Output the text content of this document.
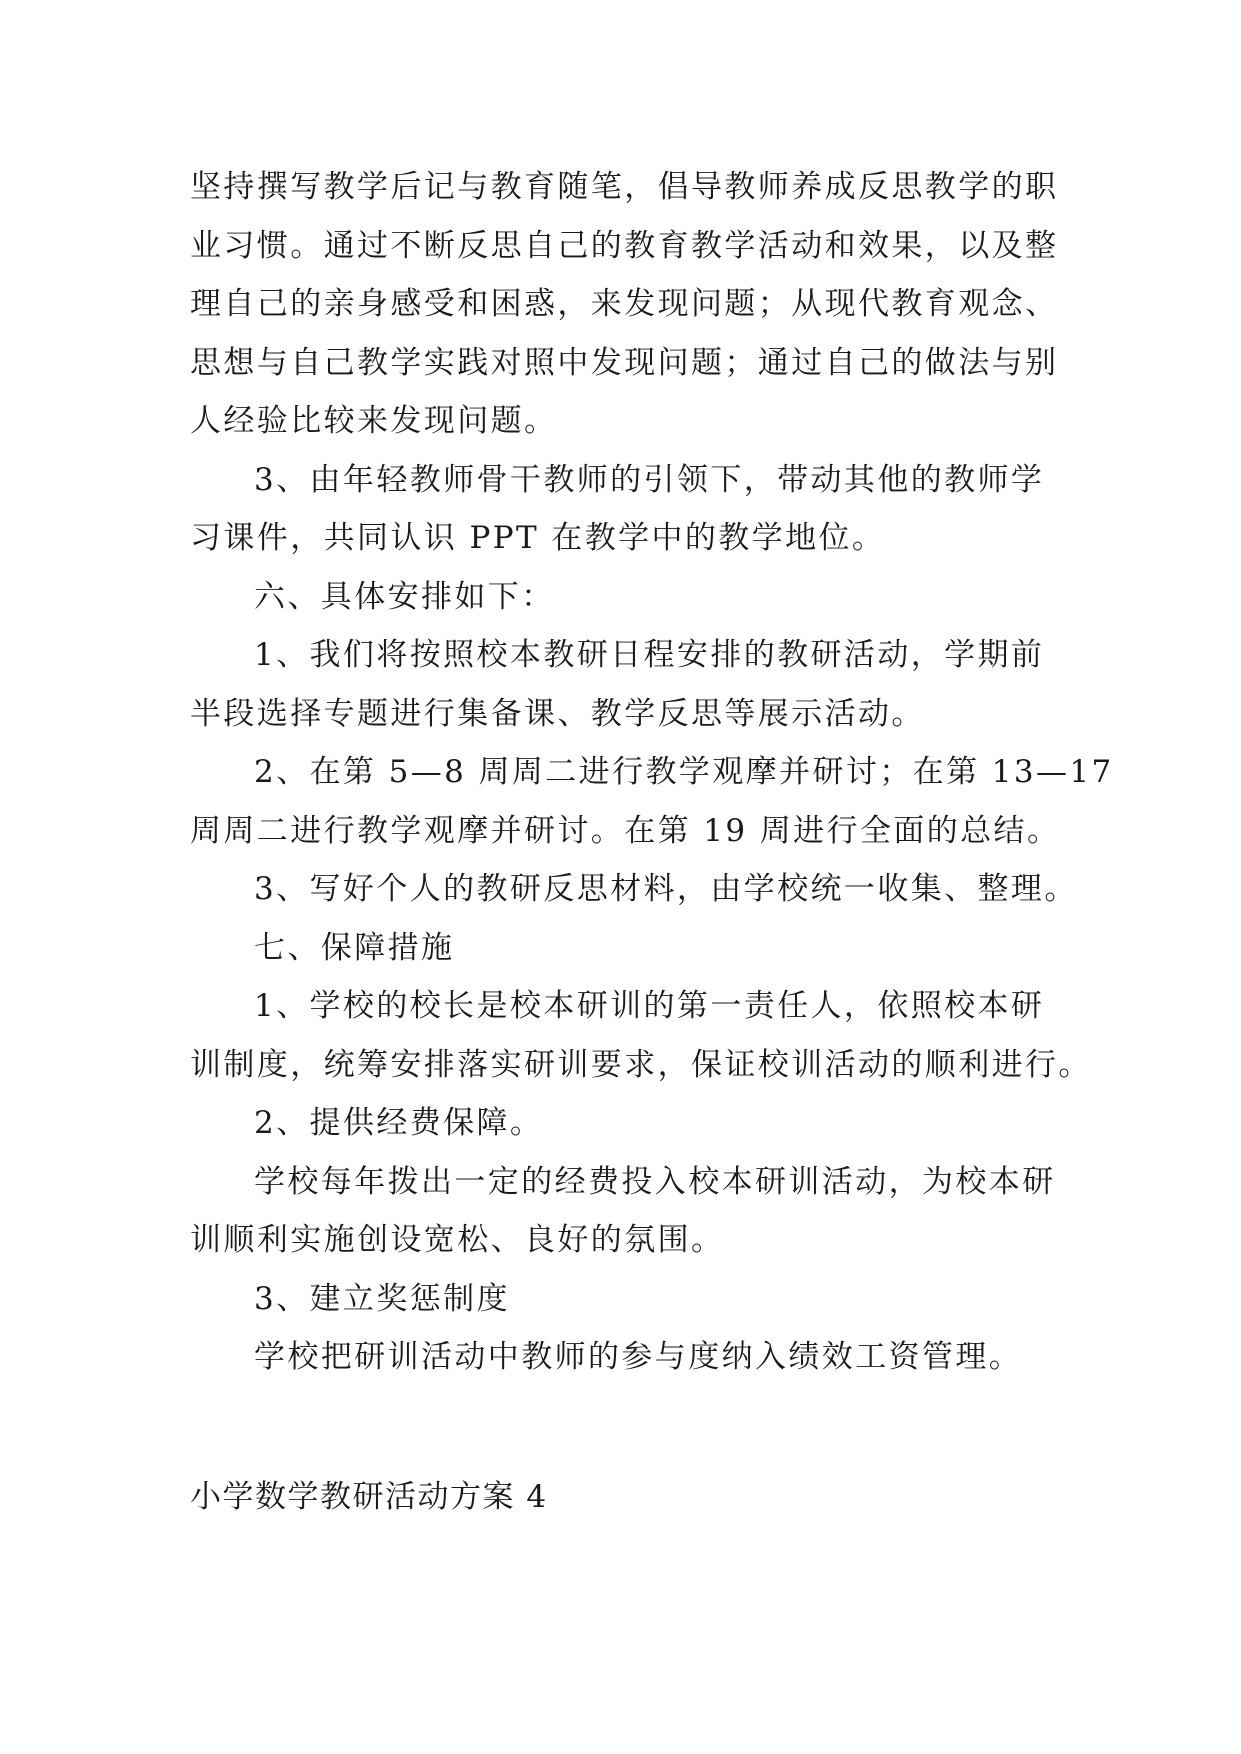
坚持撰写教学后记与教育随笔，倡导教师养成反思教学的职

业习惯。通过不断反思自己的教育教学活动和效果，以及整

理自己的亲身感受和困惑，来发现问题；从现代教育观念、

思想与自己教学实践对照中发现问题；通过自己的做法与别

人经验比较来发现问题。

3、由年轻教师骨干教师的引领下，带动其他的教师学

习课件，共同认识 PPT 在教学中的教学地位。

六、具体安排如下：

1、我们将按照校本教研日程安排的教研活动，学期前

半段选择专题进行集备课、教学反思等展示活动。

2、在第 5—8 周周二进行教学观摩并研讨；在第 13—17

周周二进行教学观摩并研讨。在第 19 周进行全面的总结。

3、写好个人的教研反思材料，由学校统一收集、整理。

七、保障措施

1、学校的校长是校本研训的第一责任人，依照校本研

训制度，统筹安排落实研训要求，保证校训活动的顺利进行。

2、提供经费保障。

学校每年拨出一定的经费投入校本研训活动，为校本研

训顺利实施创设宽松、良好的氛围。

3、建立奖惩制度

学校把研训活动中教师的参与度纳入绩效工资管理。

小学数学教研活动方案 4
